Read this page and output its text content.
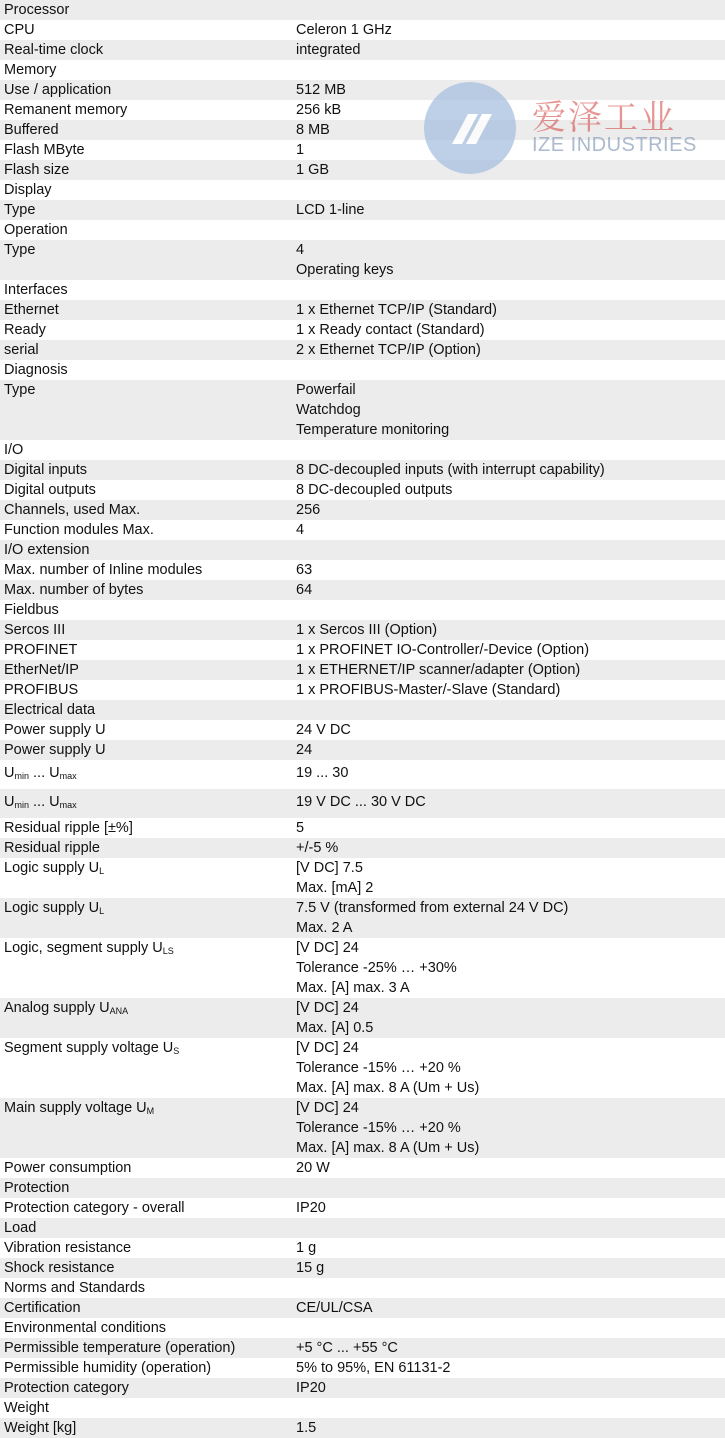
Processor
CPU	Celeron 1 GHz
Real-time clock	integrated
Memory
Use / application	512 MB
Remanent memory	256 kB
Buffered	8 MB
Flash MByte	1
Flash size	1 GB
Display
Type	LCD 1-line
Operation
Type	4
Operating keys
Interfaces
Ethernet	1 x Ethernet TCP/IP (Standard)
Ready	1 x Ready contact (Standard)
serial	2 x Ethernet TCP/IP (Option)
Diagnosis
Type	Powerfail
Watchdog
Temperature monitoring
I/O
Digital inputs	8 DC-decoupled inputs (with interrupt capability)
Digital outputs	8 DC-decoupled outputs
Channels, used Max.	256
Function modules Max.	4
I/O extension
Max. number of Inline modules	63
Max. number of bytes	64
Fieldbus
Sercos III	1 x Sercos III (Option)
PROFINET	1 x PROFINET IO-Controller/-Device (Option)
EtherNet/IP	1 x ETHERNET/IP scanner/adapter (Option)
PROFIBUS	1 x PROFIBUS-Master/-Slave (Standard)
Electrical data
Power supply U	24 V DC
Power supply U	24
$U_{min}$ ... $U_{max}$	19 ... 30
$U_{min}$ ... $U_{max}$	19 V DC ... 30 V DC
Residual ripple [±%]	5
Residual ripple	+/-5 %
Logic supply $U_L$	[V DC] 7.5
Max. [mA] 2
Logic supply $U_L$	7.5 V (transformed from external 24 V DC)
Max. 2 A
Logic, segment supply $U_{LS}$	[V DC] 24
Tolerance -25% … +30%
Max. [A] max. 3 A
Analog supply $U_{ANA}$	[V DC] 24
Max. [A] 0.5
Segment supply voltage $U_S$	[V DC] 24
Tolerance -15% … +20 %
Max. [A] max. 8 A (Um + Us)
Main supply voltage $U_M$	[V DC] 24
Tolerance -15% … +20 %
Max. [A] max. 8 A (Um + Us)
Power consumption	20 W
Protection
Protection category - overall	IP20
Load
Vibration resistance	1 g
Shock resistance	15 g
Norms and Standards
Certification	CE/UL/CSA
Environmental conditions
Permissible temperature (operation)	+5 °C ... +55 °C
Permissible humidity (operation)	5% to 95%, EN 61131-2
Protection category	IP20
Weight
Weight [kg]	1.5
爱泽工业
IZE INDUSTRIES
